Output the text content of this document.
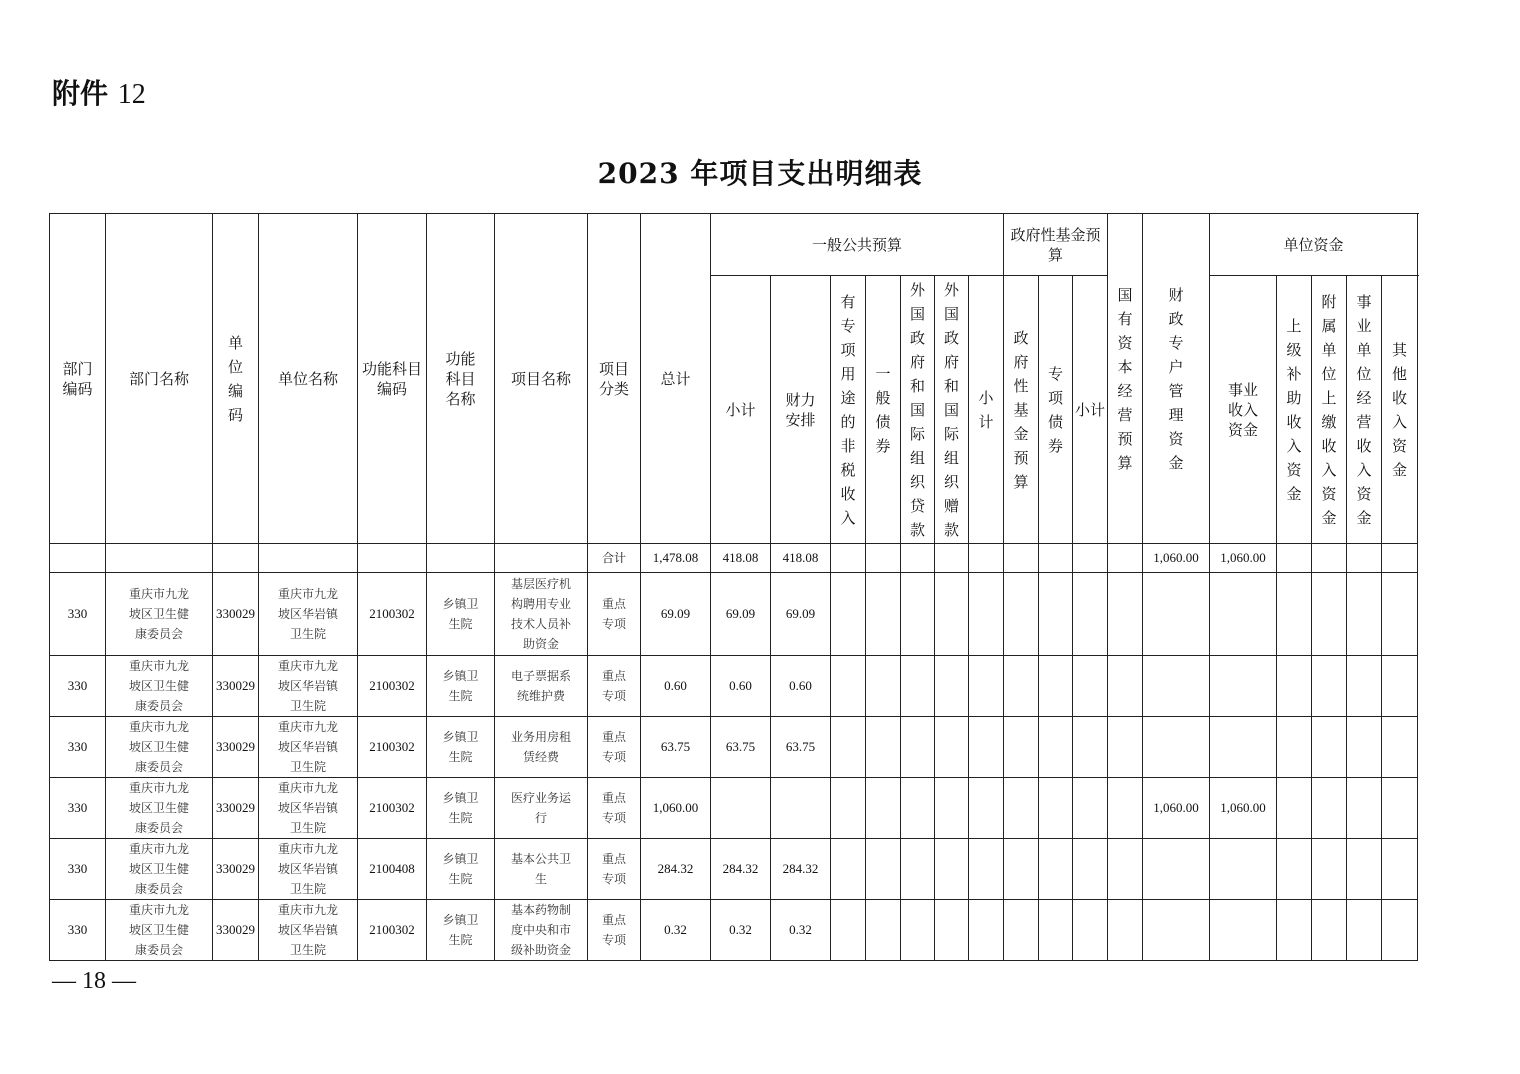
附件 12
2023 年项目支出明细表
部门编码	部门名称	单位编码	单位名称	功能科目编码	功能科目名称	项目名称	项目分类	总计	一般公共预算							政府性基金预算			国有资本经营预算	财政专户管理资金	单位资金				
									小计	财力安排	有专项用途的非税收入	一般债券	外国政府和国际组织贷款	外国政府和国际组织赠款	小计	政府性基金预算	专项债券	小计			事业收入资金	上级补助收入资金	附属单位上缴收入资金	事业单位经营收入资金	其他收入资金
							合计	1,478.08	418.08	418.08										1,060.00	1,060.00				
330	重庆市九龙坡区卫生健康委员会	330029	重庆市九龙坡区华岩镇卫生院	2100302	乡镇卫生院	基层医疗机构聘用专业技术人员补助资金	重点专项	69.09	69.09	69.09															
330	重庆市九龙坡区卫生健康委员会	330029	重庆市九龙坡区华岩镇卫生院	2100302	乡镇卫生院	电子票据系统维护费	重点专项	0.60	0.60	0.60															
330	重庆市九龙坡区卫生健康委员会	330029	重庆市九龙坡区华岩镇卫生院	2100302	乡镇卫生院	业务用房租赁经费	重点专项	63.75	63.75	63.75															
330	重庆市九龙坡区卫生健康委员会	330029	重庆市九龙坡区华岩镇卫生院	2100302	乡镇卫生院	医疗业务运行	重点专项	1,060.00												1,060.00	1,060.00				
330	重庆市九龙坡区卫生健康委员会	330029	重庆市九龙坡区华岩镇卫生院	2100408	乡镇卫生院	基本公共卫生	重点专项	284.32	284.32	284.32															
330	重庆市九龙坡区卫生健康委员会	330029	重庆市九龙坡区华岩镇卫生院	2100302	乡镇卫生院	基本药物制度中央和市级补助资金	重点专项	0.32	0.32	0.32															
— 18 —
